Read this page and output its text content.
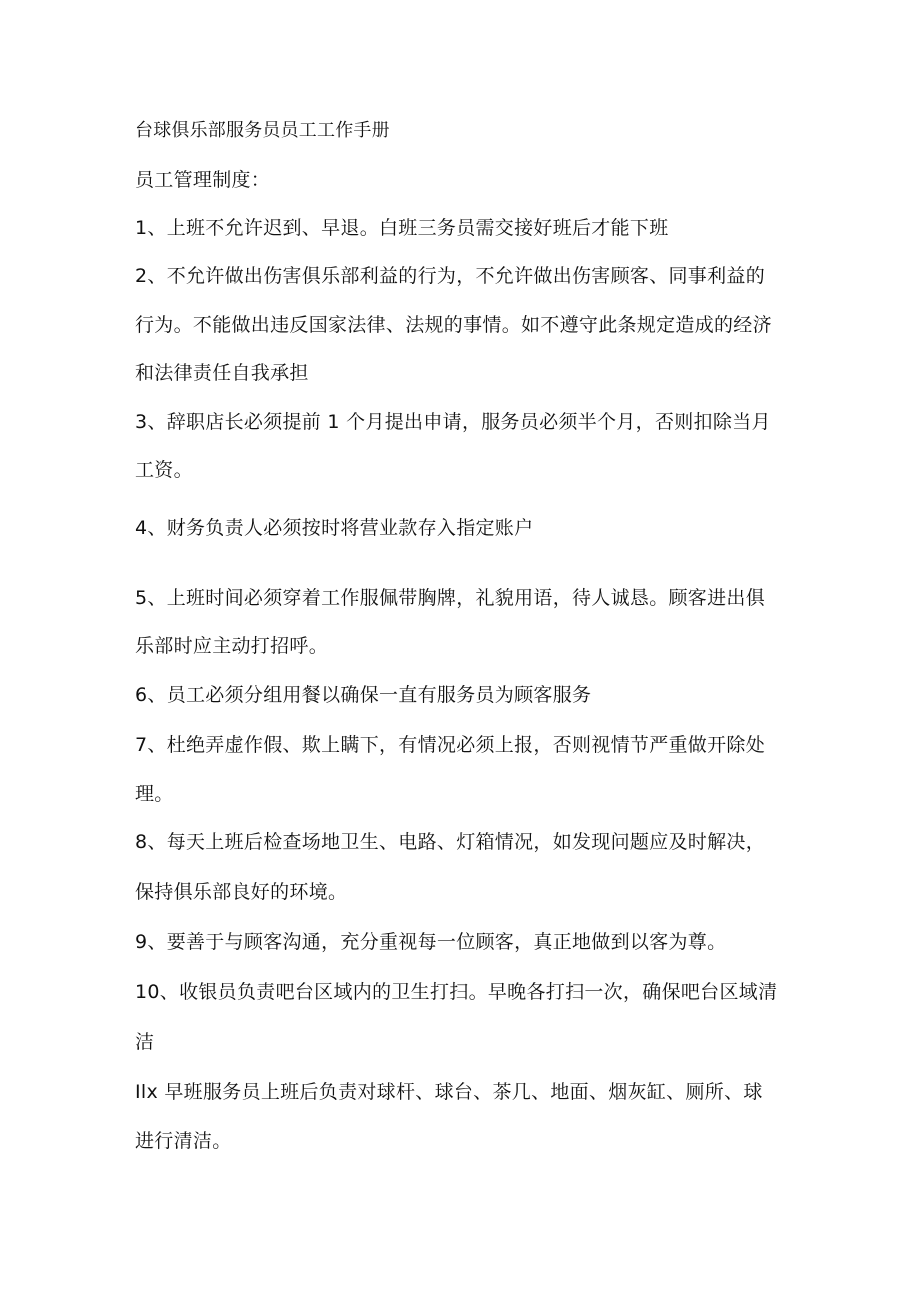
台球俱乐部服务员员工工作手册
员工管理制度：
1、上班不允许迟到、早退。白班三务员需交接好班后才能下班
2、不允许做出伤害俱乐部利益的行为，不允许做出伤害顾客、同事利益的
行为。不能做出违反国家法律、法规的事情。如不遵守此条规定造成的经济
和法律责任自我承担
3、辞职店长必须提前 1 个月提出申请，服务员必须半个月，否则扣除当月
工资。
4、财务负责人必须按时将营业款存入指定账户
5、上班时间必须穿着工作服佩带胸牌，礼貌用语，待人诚恳。顾客进出俱
乐部时应主动打招呼。
6、员工必须分组用餐以确保一直有服务员为顾客服务
7、杜绝弄虚作假、欺上瞒下，有情况必须上报，否则视情节严重做开除处
理。
8、每天上班后检查场地卫生、电路、灯箱情况，如发现问题应及时解决，
保持俱乐部良好的环境。
9、要善于与顾客沟通，充分重视每一位顾客，真正地做到以客为尊。
10、收银员负责吧台区域内的卫生打扫。早晚各打扫一次，确保吧台区域清
洁
Ilx 早班服务员上班后负责对球杆、球台、茶几、地面、烟灰缸、厕所、球
进行清洁。
